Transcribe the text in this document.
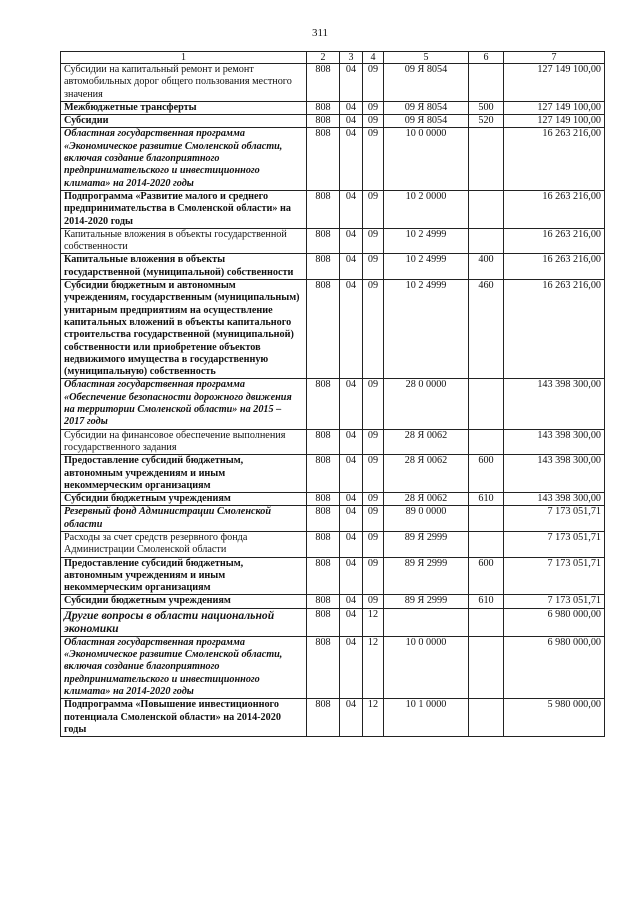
311
1	2	3	4	5	6	7
Субсидии на капитальный ремонт и ремонт автомобильных дорог общего пользования местного значения	808	04	09	09 Я 8054		127 149 100,00
Межбюджетные трансферты	808	04	09	09 Я 8054	500	127 149 100,00
Субсидии	808	04	09	09 Я 8054	520	127 149 100,00
Областная государственная программа «Экономическое развитие Смоленской области, включая создание благоприятного предпринимательского и инвестиционного климата» на 2014-2020 годы	808	04	09	10 0 0000		16 263 216,00
Подпрограмма «Развитие малого и среднего предпринимательства в Смоленской области» на 2014-2020 годы	808	04	09	10 2 0000		16 263 216,00
Капитальные вложения в объекты государственной собственности	808	04	09	10 2 4999		16 263 216,00
Капитальные вложения в объекты государственной (муниципальной) собственности	808	04	09	10 2 4999	400	16 263 216,00
Субсидии бюджетным и автономным учреждениям, государственным (муниципальным) унитарным предприятиям на осуществление капитальных вложений в объекты капитального строительства государственной (муниципальной) собственности или приобретение объектов недвижимого имущества в государственную (муниципальную) собственность	808	04	09	10 2 4999	460	16 263 216,00
Областная государственная программа «Обеспечение безопасности дорожного движения на территории Смоленской области» на 2015 – 2017 годы	808	04	09	28 0 0000		143 398 300,00
Субсидии на финансовое обеспечение выполнения государственного задания	808	04	09	28 Я 0062		143 398 300,00
Предоставление субсидий бюджетным, автономным учреждениям и иным некоммерческим организациям	808	04	09	28 Я 0062	600	143 398 300,00
Субсидии бюджетным учреждениям	808	04	09	28 Я 0062	610	143 398 300,00
Резервный фонд Администрации Смоленской области	808	04	09	89 0 0000		7 173 051,71
Расходы за счет средств резервного фонда Администрации Смоленской области	808	04	09	89 Я 2999		7 173 051,71
Предоставление субсидий бюджетным, автономным учреждениям и иным некоммерческим организациям	808	04	09	89 Я 2999	600	7 173 051,71
Субсидии бюджетным учреждениям	808	04	09	89 Я 2999	610	7 173 051,71
Другие вопросы в области национальной экономики	808	04	12			6 980 000,00
Областная государственная программа «Экономическое развитие Смоленской области, включая создание благоприятного предпринимательского и инвестиционного климата» на 2014-2020 годы	808	04	12	10 0 0000		6 980 000,00
Подпрограмма «Повышение инвестиционного потенциала Смоленской области» на 2014-2020 годы	808	04	12	10 1 0000		5 980 000,00
